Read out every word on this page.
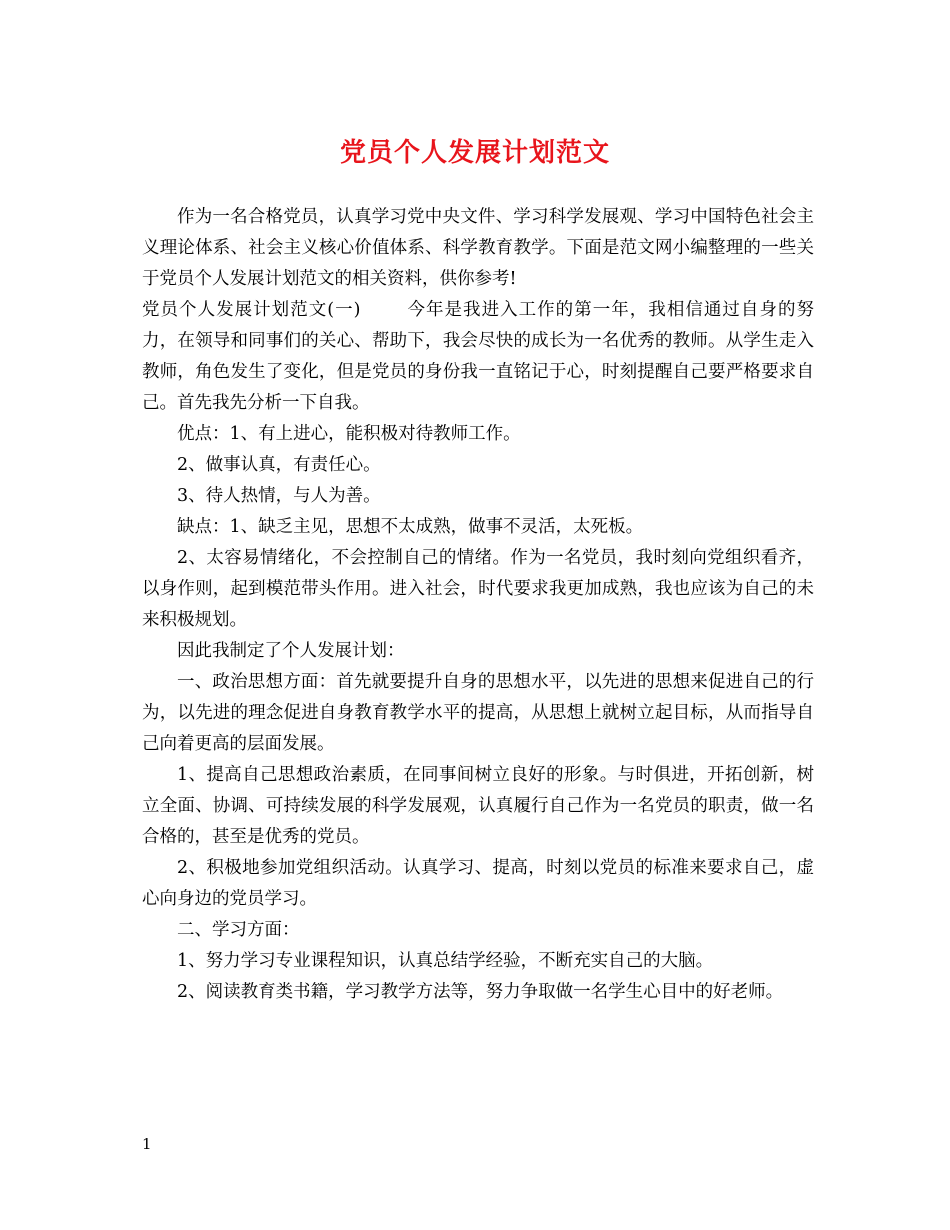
党员个人发展计划范文

作为一名合格党员，认真学习党中央文件、学习科学发展观、学习中国特色社会主义理论体系、社会主义核心价值体系、科学教育教学。下面是范文网小编整理的一些关于党员个人发展计划范文的相关资料，供你参考!

党员个人发展计划范文(一)	今年是我进入工作的第一年，我相信通过自身的努力，在领导和同事们的关心、帮助下，我会尽快的成长为一名优秀的教师。从学生走入教师，角色发生了变化，但是党员的身份我一直铭记于心，时刻提醒自己要严格要求自己。首先我先分析一下自我。

优点：1、有上进心，能积极对待教师工作。

2、做事认真，有责任心。

3、待人热情，与人为善。

缺点：1、缺乏主见，思想不太成熟，做事不灵活，太死板。

2、太容易情绪化，不会控制自己的情绪。作为一名党员，我时刻向党组织看齐，以身作则，起到模范带头作用。进入社会，时代要求我更加成熟，我也应该为自己的未来积极规划。

因此我制定了个人发展计划：

一、政治思想方面：首先就要提升自身的思想水平，以先进的思想来促进自己的行为，以先进的理念促进自身教育教学水平的提高，从思想上就树立起目标，从而指导自己向着更高的层面发展。

1、提高自己思想政治素质，在同事间树立良好的形象。与时俱进，开拓创新，树立全面、协调、可持续发展的科学发展观，认真履行自己作为一名党员的职责，做一名合格的，甚至是优秀的党员。

2、积极地参加党组织活动。认真学习、提高，时刻以党员的标准来要求自己，虚心向身边的党员学习。

二、学习方面：

1、努力学习专业课程知识，认真总结学经验，不断充实自己的大脑。

2、阅读教育类书籍，学习教学方法等，努力争取做一名学生心目中的好老师。

1
